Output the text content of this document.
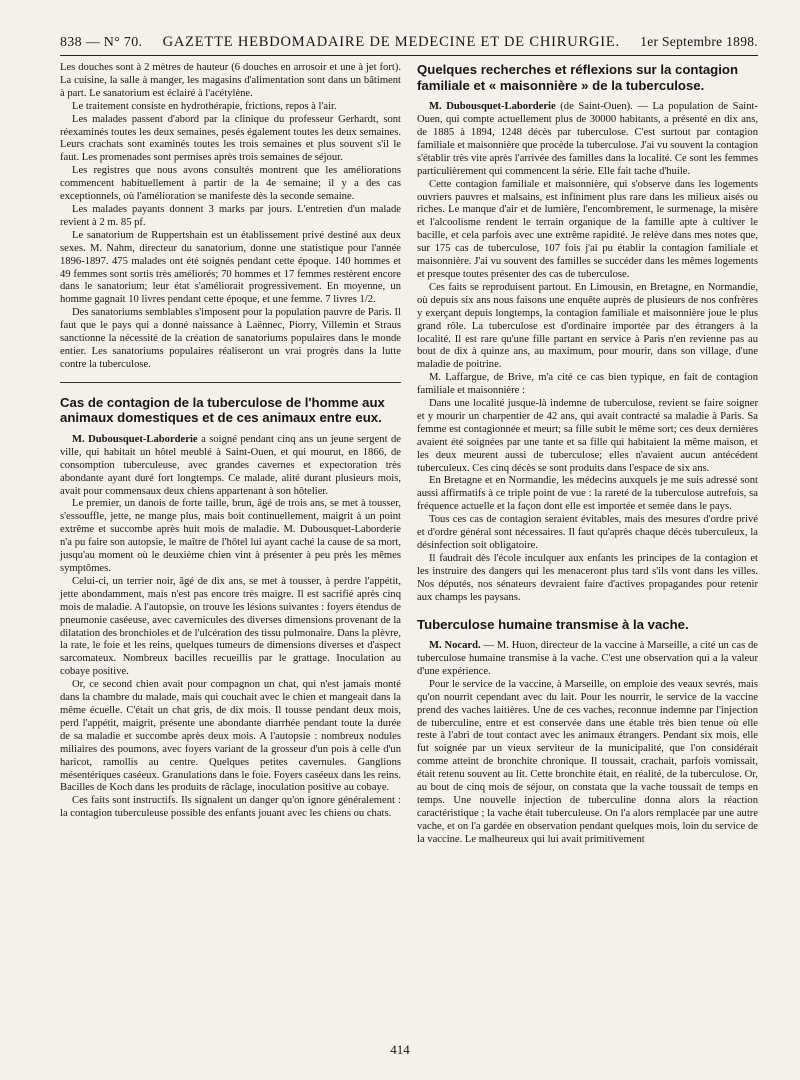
838 — N° 70. GAZETTE HEBDOMADAIRE DE MEDECINE ET DE CHIRURGIE. 1er Septembre 1898.

Les douches sont à 2 mètres de hauteur (6 douches en arrosoir et une à jet fort). La cuisine, la salle à manger, les magasins d'alimentation sont dans un bâtiment à part. Le sanatorium est éclairé à l'acétylène.

Le traitement consiste en hydrothérapie, frictions, repos à l'air.

Les malades passent d'abord par la clinique du professeur Gerhardt, sont réexaminés toutes les deux semaines, pesés également toutes les deux semaines. Leurs crachats sont examinés toutes les trois semaines et plus souvent s'il le faut. Les promenades sont permises après trois semaines de séjour.

Les registres que nous avons consultés montrent que les améliorations commencent habituellement à partir de la 4e semaine; il y a des cas exceptionnels, où l'amélioration se manifeste dès la seconde semaine.

Les malades payants donnent 3 marks par jours. L'entretien d'un malade revient à 2 m. 85 pf.

Le sanatorium de Ruppertshain est un établissement privé destiné aux deux sexes. M. Nahm, directeur du sanatorium, donne une statistique pour l'année 1896-1897. 475 malades ont été soignés pendant cette époque. 140 hommes et 49 femmes sont sortis très améliorés; 70 hommes et 17 femmes restèrent encore dans le sanatorium; leur état s'améliorait progressivement. En moyenne, un homme gagnait 10 livres pendant cette époque, et une femme. 7 livres 1/2.

Des sanatoriums semblables s'imposent pour la population pauvre de Paris. Il faut que le pays qui a donné naissance à Laënnec, Piorry, Villemin et Straus sanctionne la nécessité de la création de sanatoriums populaires dans le monde entier. Les sanatoriums populaires réaliseront un vrai progrès dans la lutte contre la tuberculose.

Cas de contagion de la tuberculose de l'homme aux animaux domestiques et de ces animaux entre eux.

M. Dubousquet-Laborderie a soigné pendant cinq ans un jeune sergent de ville, qui habitait un hôtel meublé à Saint-Ouen, et qui mourut, en 1866, de consomption tuberculeuse, avec grandes cavernes et expectoration très abondante ayant duré fort longtemps. Ce malade, alité durant plusieurs mois, avait pour commensaux deux chiens appartenant à son hôtelier.

Le premier, un danois de forte taille, brun, âgé de trois ans, se met à tousser, s'essouffle, jette, ne mange plus, mais boit continuellement, maigrit à un point extrême et succombe après huit mois de maladie. M. Dubousquet-Laborderie n'a pu faire son autopsie, le maître de l'hôtel lui ayant caché la cause de sa mort, jusqu'au moment où le deuxième chien vint à présenter à peu près les mêmes symptômes.

Celui-ci, un terrier noir, âgé de dix ans, se met à tousser, à perdre l'appétit, jette abondamment, mais n'est pas encore très maigre. Il est sacrifié après cinq mois de maladie. A l'autopsie, on trouve les lésions suivantes : foyers étendus de pneumonie caséeuse, avec cavernicules des diverses dimensions provenant de la dilatation des bronchioles et de l'ulcération des tissu pulmonaire. Dans la plèvre, la rate, le foie et les reins, quelques tumeurs de dimensions diverses et d'aspect sarcomateux. Nombreux bacilles recueillis par le grattage. Inoculation au cobaye positive.

Or, ce second chien avait pour compagnon un chat, qui n'est jamais monté dans la chambre du malade, mais qui couchait avec le chien et mangeait dans la même écuelle. C'était un chat gris, de dix mois. Il tousse pendant deux mois, perd l'appétit, maigrit, présente une abondante diarrhée pendant toute la durée de sa maladie et succombe après deux mois. A l'autopsie : nombreux nodules miliaires des poumons, avec foyers variant de la grosseur d'un pois à celle d'un haricot, ramollis au centre. Quelques petites cavernules. Ganglions mésentériques caséeux. Granulations dans le foie. Foyers caséeux dans les reins. Bacilles de Koch dans les produits de râclage, inoculation positive au cobaye.

Ces faits sont instructifs. Ils signalent un danger qu'on ignore généralement : la contagion tuberculeuse possible des enfants jouant avec les chiens ou chats.

Quelques recherches et réflexions sur la contagion familiale et « maisonnière » de la tuberculose.

M. Dubousquet-Laborderie (de Saint-Ouen). — La population de Saint-Ouen, qui compte actuellement plus de 30000 habitants, a présenté en dix ans, de 1885 à 1894, 1248 décès par tuberculose. C'est surtout par contagion familiale et maisonnière que procède la tuberculose. J'ai vu souvent la contagion s'établir très vite après l'arrivée des familles dans la localité. Ce sont les femmes particulièrement qui commencent la série. Elle fait tache d'huile.

Cette contagion familiale et maisonnière, qui s'observe dans les logements ouvriers pauvres et malsains, est infiniment plus rare dans les milieux aisés ou riches. Le manque d'air et de lumière, l'encombrement, le surmenage, la misère et l'alcoolisme rendent le terrain organique de la famille apte à cultiver le bacille, et cela parfois avec une extrême rapidité. Je relève dans mes notes que, sur 175 cas de tuberculose, 107 fois j'ai pu établir la contagion familiale et maisonnière. J'ai vu souvent des familles se succéder dans les mêmes logements et presque toutes présenter des cas de tuberculose.

Ces faits se reproduisent partout. En Limousin, en Bretagne, en Normandie, où depuis six ans nous faisons une enquête auprès de plusieurs de nos confrères y exerçant depuis longtemps, la contagion familiale et maisonnière joue le plus grand rôle. La tuberculose est d'ordinaire importée par des étrangers à la localité. Il est rare qu'une fille partant en service à Paris n'en revienne pas au bout de dix à quinze ans, au maximum, pour mourir, dans son village, d'une maladie de poitrine.

M. Laffargue, de Brive, m'a cité ce cas bien typique, en fait de contagion familiale et maisonnière :

Dans une localité jusque-là indemne de tuberculose, revient se faire soigner et y mourir un charpentier de 42 ans, qui avait contracté sa maladie à Paris. Sa femme est contagionnée et meurt; sa fille subit le même sort; ces deux dernières avaient été soignées par une tante et sa fille qui habitaient la même maison, et les deux meurent aussi de tuberculose; elles n'avaient aucun antécédent tuberculeux. Ces cinq décès se sont produits dans l'espace de six ans.

En Bretagne et en Normandie, les médecins auxquels je me suis adressé sont aussi affirmatifs à ce triple point de vue : la rareté de la tuberculose autrefois, sa fréquence actuelle et la façon dont elle est importée et semée dans le pays.

Tous ces cas de contagion seraient évitables, mais des mesures d'ordre privé et d'ordre général sont nécessaires. Il faut qu'après chaque décès tuberculeux, la désinfection soit obligatoire.

Il faudrait dès l'école inculquer aux enfants les principes de la contagion et les instruire des dangers qui les menaceront plus tard s'ils vont dans les villes. Nos députés, nos sénateurs devraient faire d'actives propagandes pour retenir aux champs les paysans.

Tuberculose humaine transmise à la vache.

M. Nocard. — M. Huon, directeur de la vaccine à Marseille, a cité un cas de tuberculose humaine transmise à la vache. C'est une observation qui a la valeur d'une expérience.

Pour le service de la vaccine, à Marseille, on emploie des veaux sevrés, mais qu'on nourrit cependant avec du lait. Pour les nourrir, le service de la vaccine prend des vaches laitières. Une de ces vaches, reconnue indemne par l'injection de tuberculine, entre et est conservée dans une étable très bien tenue où elle reste à l'abri de tout contact avec les animaux étrangers. Pendant six mois, elle fut soignée par un vieux serviteur de la municipalité, que l'on considérait comme atteint de bronchite chronique. Il toussait, crachait, parfois vomissait, était retenu souvent au lit. Cette bronchite était, en réalité, de la tuberculose. Or, au bout de cinq mois de séjour, on constata que la vache toussait de temps en temps. Une nouvelle injection de tuberculine donna alors la réaction caractéristique ; la vache était tuberculeuse. On l'a alors remplacée par une autre vache, et on l'a gardée en observation pendant quelques mois, loin du service de la vaccine. Le malheureux qui lui avait primitivement

414
